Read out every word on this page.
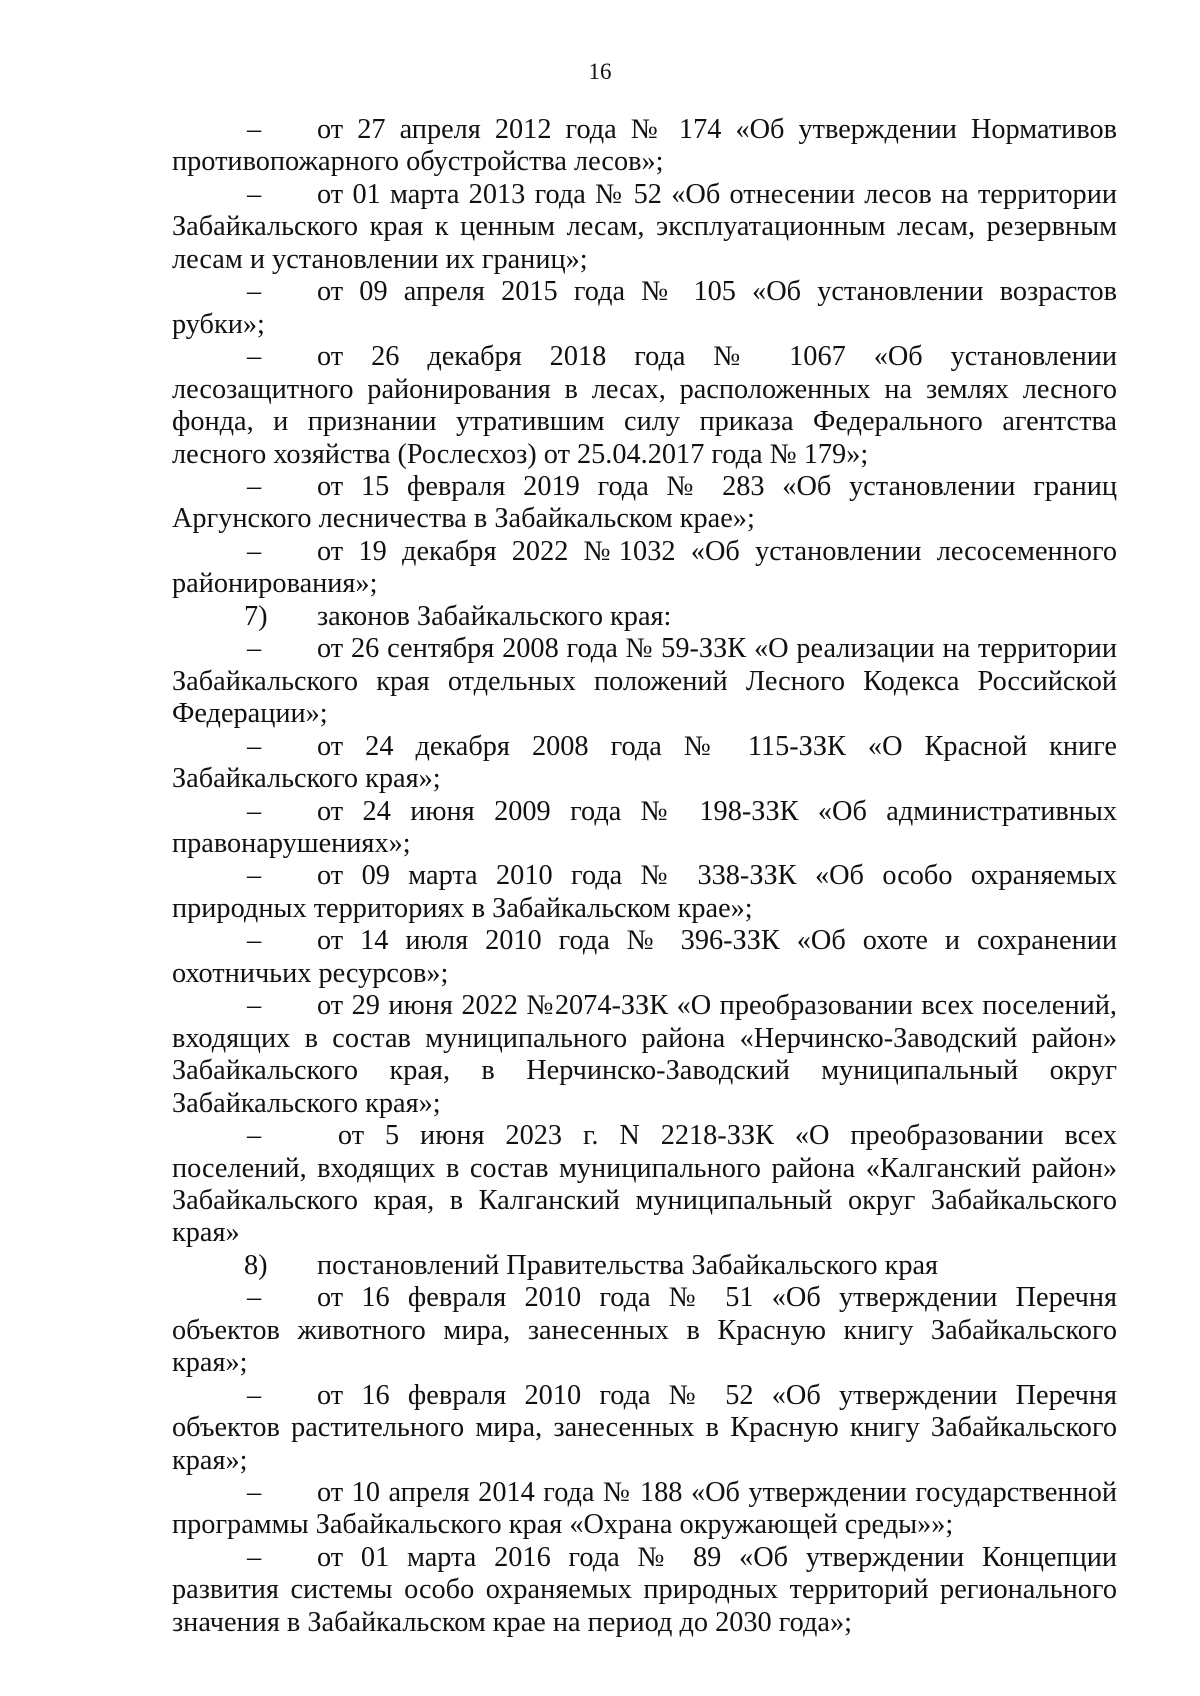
16

– от 27 апреля 2012 года № 174 «Об утверждении Нормативов противопожарного обустройства лесов»;

– от 01 марта 2013 года № 52 «Об отнесении лесов на территории Забайкальского края к ценным лесам, эксплуатационным лесам, резервным лесам и установлении их границ»;

– от 09 апреля 2015 года № 105 «Об установлении возрастов рубки»;

– от 26 декабря 2018 года № 1067 «Об установлении лесозащитного районирования в лесах, расположенных на землях лесного фонда, и признании утратившим силу приказа Федерального агентства лесного хозяйства (Рослесхоз) от 25.04.2017 года № 179»;

– от 15 февраля 2019 года № 283 «Об установлении границ Аргунского лесничества в Забайкальском крае»;

– от 19 декабря 2022 №1032 «Об установлении лесосеменного районирования»;

7) законов Забайкальского края:

– от 26 сентября 2008 года № 59-ЗЗК «О реализации на территории Забайкальского края отдельных положений Лесного Кодекса Российской Федерации»;

– от 24 декабря 2008 года № 115-ЗЗК «О Красной книге Забайкальского края»;

– от 24 июня 2009 года № 198-ЗЗК «Об административных правонарушениях»;

– от 09 марта 2010 года № 338-ЗЗК «Об особо охраняемых природных территориях в Забайкальском крае»;

– от 14 июля 2010 года № 396-ЗЗК «Об охоте и сохранении охотничьих ресурсов»;

– от 29 июня 2022 №2074-ЗЗК «О преобразовании всех поселений, входящих в состав муниципального района «Нерчинско-Заводский район» Забайкальского края, в Нерчинско-Заводский муниципальный округ Забайкальского края»;

– от 5 июня 2023 г. N 2218-ЗЗК «О преобразовании всех поселений, входящих в состав муниципального района «Калганский район» Забайкальского края, в Калганский муниципальный округ Забайкальского края»

8) постановлений Правительства Забайкальского края

– от 16 февраля 2010 года № 51 «Об утверждении Перечня объектов животного мира, занесенных в Красную книгу Забайкальского края»;

– от 16 февраля 2010 года № 52 «Об утверждении Перечня объектов растительного мира, занесенных в Красную книгу Забайкальского края»;

– от 10 апреля 2014 года № 188 «Об утверждении государственной программы Забайкальского края «Охрана окружающей среды»»;

– от 01 марта 2016 года № 89 «Об утверждении Концепции развития системы особо охраняемых природных территорий регионального значения в Забайкальском крае на период до 2030 года»;
